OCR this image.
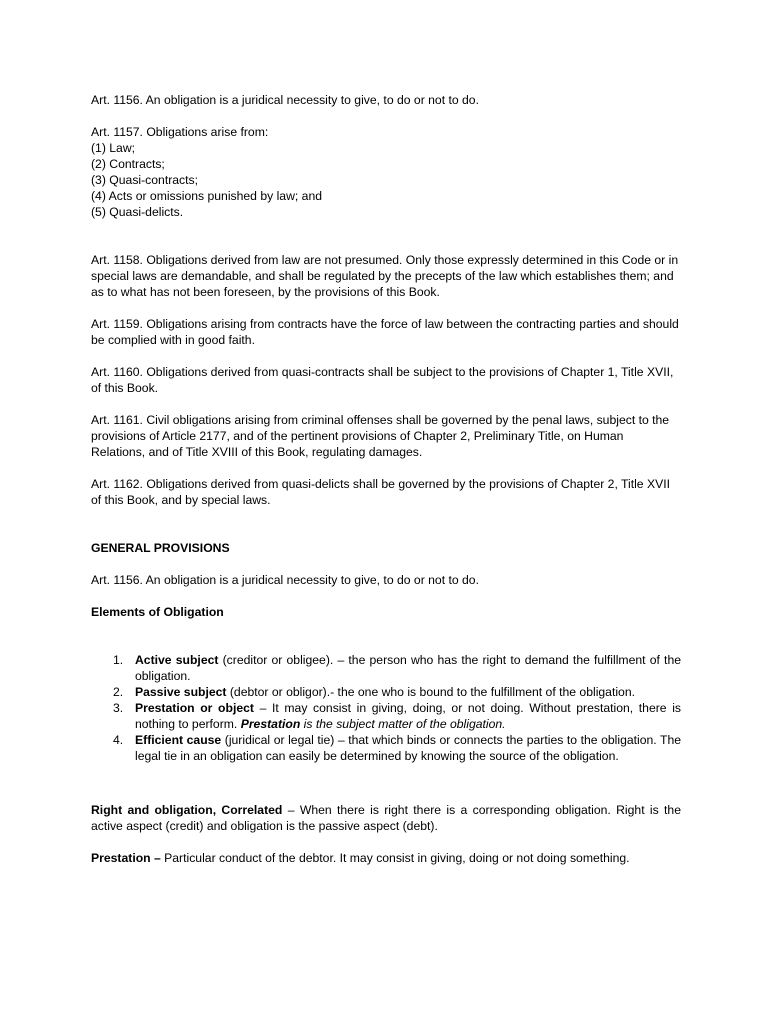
Art. 1156. An obligation is a juridical necessity to give, to do or not to do.

Art. 1157. Obligations arise from:

(1) Law;

(2) Contracts;

(3) Quasi-contracts;

(4) Acts or omissions punished by law; and

(5) Quasi-delicts.

Art. 1158. Obligations derived from law are not presumed. Only those expressly determined in this Code or in special laws are demandable, and shall be regulated by the precepts of the law which establishes them; and as to what has not been foreseen, by the provisions of this Book.

Art. 1159. Obligations arising from contracts have the force of law between the contracting parties and should be complied with in good faith.

Art. 1160. Obligations derived from quasi-contracts shall be subject to the provisions of Chapter 1, Title XVII, of this Book.

Art. 1161. Civil obligations arising from criminal offenses shall be governed by the penal laws, subject to the provisions of Article 2177, and of the pertinent provisions of Chapter 2, Preliminary Title, on Human Relations, and of Title XVIII of this Book, regulating damages.

Art. 1162. Obligations derived from quasi-delicts shall be governed by the provisions of Chapter 2, Title XVII of this Book, and by special laws.

GENERAL PROVISIONS

Art. 1156. An obligation is a juridical necessity to give, to do or not to do.

Elements of Obligation

1. Active subject (creditor or obligee). – the person who has the right to demand the fulfillment of the obligation.
2. Passive subject (debtor or obligor).- the one who is bound to the fulfillment of the obligation.
3. Prestation or object – It may consist in giving, doing, or not doing. Without prestation, there is nothing to perform. Prestation is the subject matter of the obligation.
4. Efficient cause (juridical or legal tie) – that which binds or connects the parties to the obligation. The legal tie in an obligation can easily be determined by knowing the source of the obligation.

Right and obligation, Correlated – When there is right there is a corresponding obligation. Right is the active aspect (credit) and obligation is the passive aspect (debt).

Prestation – Particular conduct of the debtor. It may consist in giving, doing or not doing something.
